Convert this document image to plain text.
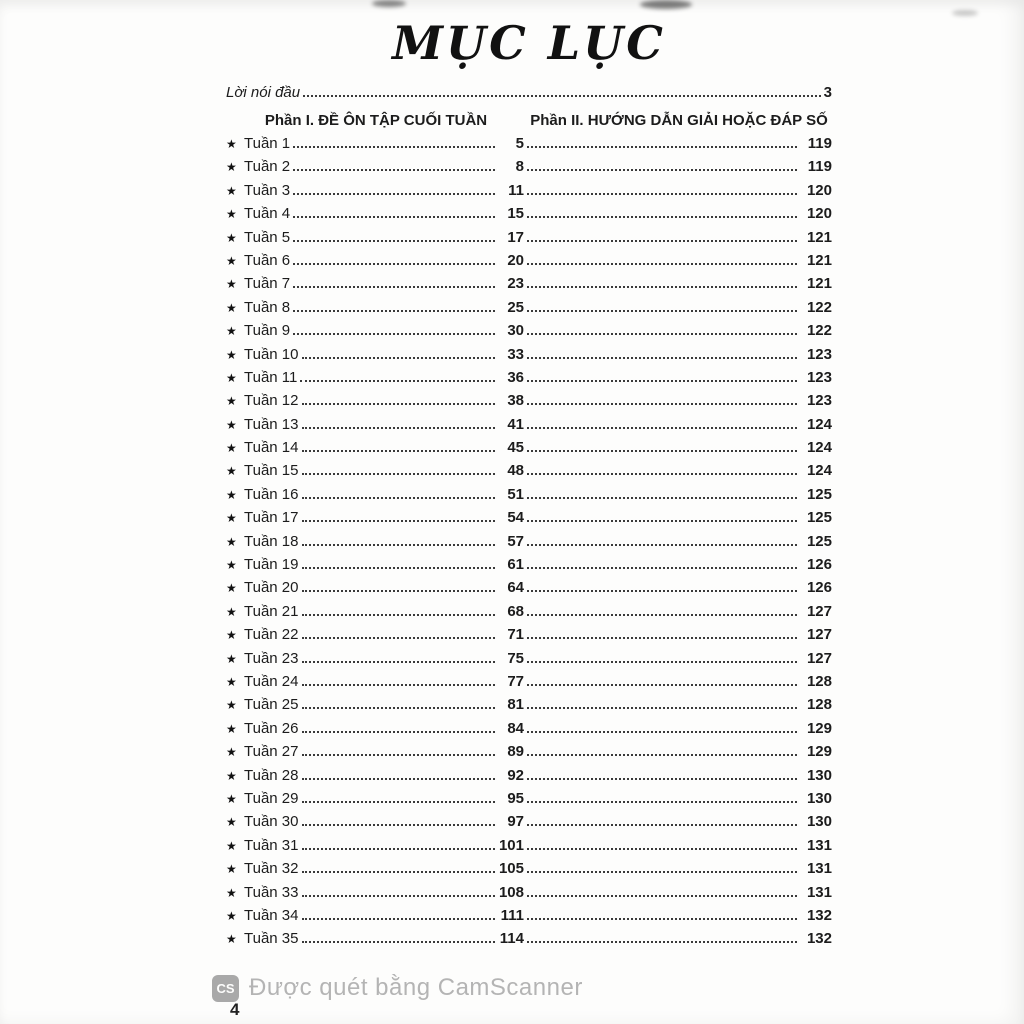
MỤC LỤC
Lời nói đầu	3
Phần I. ĐỀ ÔN TẬP CUỐI TUẦN	Phần II. HƯỚNG DẪN GIẢI HOẶC ĐÁP SỐ
★ Tuần 1	5	119
★ Tuần 2	8	119
★ Tuần 3	11	120
★ Tuần 4	15	120
★ Tuần 5	17	121
★ Tuần 6	20	121
★ Tuần 7	23	121
★ Tuần 8	25	122
★ Tuần 9	30	122
★ Tuần 10	33	123
★ Tuần 11	36	123
★ Tuần 12	38	123
★ Tuần 13	41	124
★ Tuần 14	45	124
★ Tuần 15	48	124
★ Tuần 16	51	125
★ Tuần 17	54	125
★ Tuần 18	57	125
★ Tuần 19	61	126
★ Tuần 20	64	126
★ Tuần 21	68	127
★ Tuần 22	71	127
★ Tuần 23	75	127
★ Tuần 24	77	128
★ Tuần 25	81	128
★ Tuần 26	84	129
★ Tuần 27	89	129
★ Tuần 28	92	130
★ Tuần 29	95	130
★ Tuần 30	97	130
★ Tuần 31	101	131
★ Tuần 32	105	131
★ Tuần 33	108	131
★ Tuần 34	111	132
★ Tuần 35	114	132
CS Được quét bằng CamScanner
4
